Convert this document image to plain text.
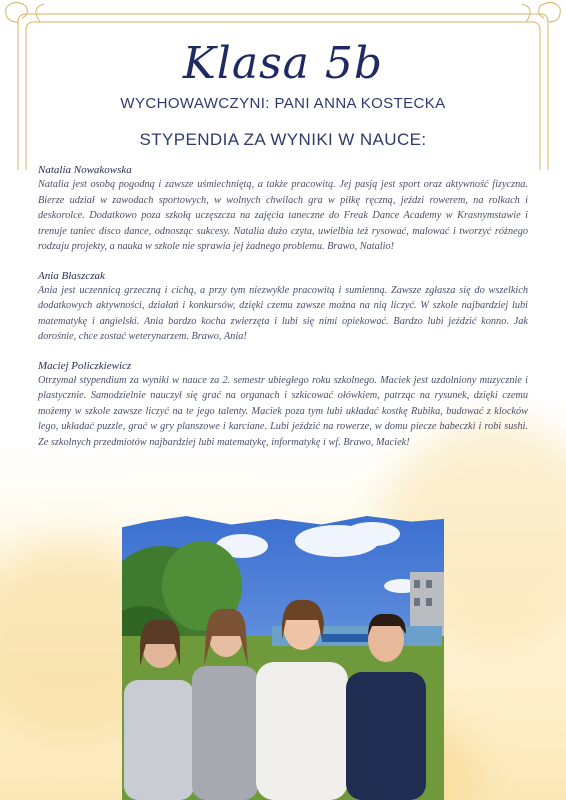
Klasa 5b
WYCHOWAWCZYNI: PANI ANNA KOSTECKA
STYPENDIA ZA WYNIKI W NAUCE:
Natalia Nowakowska

Natalia jest osobą pogodną i zawsze uśmiechniętą, a także pracowitą. Jej pasją jest sport oraz aktywność fizyczna. Bierze udział w zawodach sportowych, w wolnych chwilach gra w piłkę ręczną, jeździ rowerem, na rolkach i deskorolce. Dodatkowo poza szkołą uczęszcza na zajęcia taneczne do Freak Dance Academy w Krasnymstawie i trenuje taniec disco dance, odnosząc sukcesy. Natalia dużo czyta, uwielbia też rysować, malować i tworzyć różnego rodzaju projekty, a nauka w szkole nie sprawia jej żadnego problemu. Brawo, Natalio!

Ania Błaszczak

Ania jest uczennicą grzeczną i cichą, a przy tym niezwykle pracowitą i sumienną. Zawsze zgłasza się do wszelkich dodatkowych aktywności, działań i konkursów, dzięki czemu zawsze można na nią liczyć. W szkole najbardziej lubi matematykę i angielski. Ania bardzo kocha zwierzęta i lubi się nimi opiekować. Bardzo lubi jeździć konno. Jak dorośnie, chce zostać weterynarzem. Brawo, Ania!

Maciej Policzkiewicz

Otrzymał stypendium za wyniki w nauce za 2. semestr ubiegłego roku szkolnego. Maciek jest uzdolniony muzycznie i plastycznie. Samodzielnie nauczył się grać na organach i szkicować ołówkiem, patrząc na rysunek, dzięki czemu możemy w szkole zawsze liczyć na te jego talenty. Maciek poza tym lubi układać kostkę Rubika, budować z klocków lego, układać puzzle, grać w gry planszowe i karciane. Lubi jeździć na rowerze, w domu piecze babeczki i robi sushi. Ze szkolnych przedmiotów najbardziej lubi matematykę, informatykę i wf. Brawo, Maciek!
